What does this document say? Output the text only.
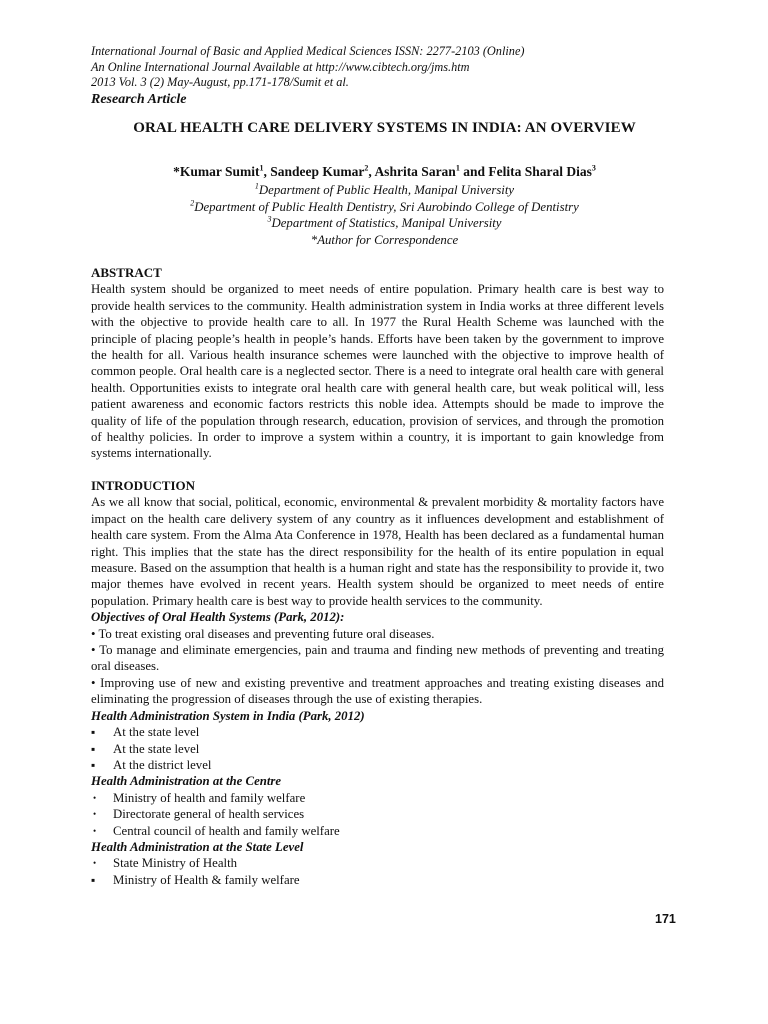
International Journal of Basic and Applied Medical Sciences ISSN: 2277-2103 (Online)
An Online International Journal Available at http://www.cibtech.org/jms.htm
2013 Vol. 3 (2) May-August, pp.171-178/Sumit et al.
Research Article
ORAL HEALTH CARE DELIVERY SYSTEMS IN INDIA: AN OVERVIEW
*Kumar Sumit$^1$, Sandeep Kumar$^2$, Ashrita Saran$^1$ and Felita Sharal Dias$^3$
$^1$Department of Public Health, Manipal University
$^2$Department of Public Health Dentistry, Sri Aurobindo College of Dentistry
$^3$Department of Statistics, Manipal University
*Author for Correspondence
ABSTRACT
Health system should be organized to meet needs of entire population. Primary health care is best way to provide health services to the community. Health administration system in India works at three different levels with the objective to provide health care to all. In 1977 the Rural Health Scheme was launched with the principle of placing people’s health in people’s hands. Efforts have been taken by the government to improve the health for all. Various health insurance schemes were launched with the objective to improve health of common people. Oral health care is a neglected sector. There is a need to integrate oral health care with general health. Opportunities exists to integrate oral health care with general health care, but weak political will, less patient awareness and economic factors restricts this noble idea. Attempts should be made to improve the quality of life of the population through research, education, provision of services, and through the promotion of healthy policies. In order to improve a system within a country, it is important to gain knowledge from systems internationally.
INTRODUCTION
As we all know that social, political, economic, environmental & prevalent morbidity & mortality factors have impact on the health care delivery system of any country as it influences development and establishment of health care system. From the Alma Ata Conference in 1978, Health has been declared as a fundamental human right. This implies that the state has the direct responsibility for the health of its entire population in equal measure. Based on the assumption that health is a human right and state has the responsibility to provide it, two major themes have evolved in recent years. Health system should be organized to meet needs of entire population. Primary health care is best way to provide health services to the community.
Objectives of Oral Health Systems (Park, 2012):
• To treat existing oral diseases and preventing future oral diseases.
• To manage and eliminate emergencies, pain and trauma and finding new methods of preventing and treating oral diseases.
• Improving use of new and existing preventive and treatment approaches and treating existing diseases and eliminating the progression of diseases through the use of existing therapies.
Health Administration System in India (Park, 2012)
▪ At the state level
▪ At the state level
▪ At the district level
Health Administration at the Centre
• Ministry of health and family welfare
• Directorate general of health services
• Central council of health and family welfare
Health Administration at the State Level
• State Ministry of Health
▪ Ministry of Health & family welfare
171
